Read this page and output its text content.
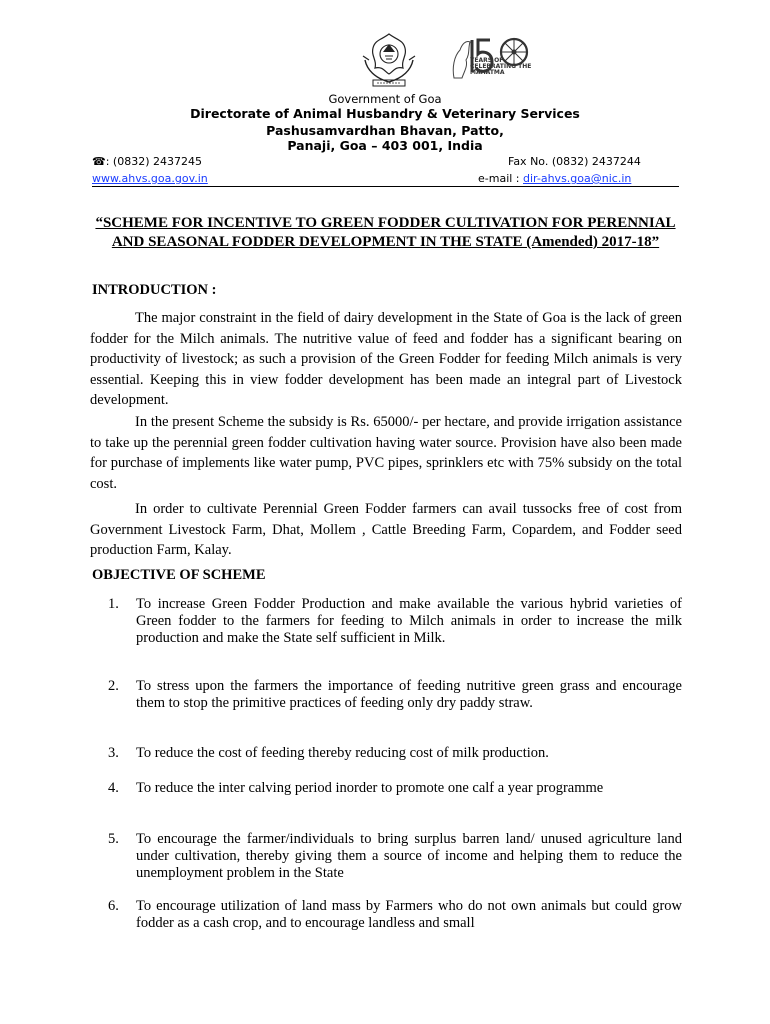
YEARS OF CELEBRATING THE MAHATMA
Government of Goa
Directorate of Animal Husbandry & Veterinary Services
Pashusamvardhan Bhavan, Patto,
Panaji, Goa – 403 001, India
☎: (0832) 2437245	Fax No. (0832) 2437244
www.ahvs.goa.gov.in	e-mail : dir-ahvs.goa@nic.in
“SCHEME FOR INCENTIVE TO GREEN FODDER CULTIVATION FOR PERENNIAL AND SEASONAL FODDER DEVELOPMENT IN THE STATE (Amended) 2017-18”
INTRODUCTION :

The major constraint in the field of dairy development in the State of Goa is the lack of green fodder for the Milch animals. The nutritive value of feed and fodder has a significant bearing on productivity of livestock; as such a provision of the Green Fodder for feeding Milch animals is very essential. Keeping this in view fodder development has been made an integral part of Livestock development.

In the present Scheme the subsidy is Rs. 65000/- per hectare, and provide irrigation assistance to take up the perennial green fodder cultivation having water source. Provision have also been made for purchase of implements like water pump, PVC pipes, sprinklers etc with 75% subsidy on the total cost.

In order to cultivate Perennial Green Fodder farmers can avail tussocks free of cost from Government Livestock Farm, Dhat, Mollem , Cattle Breeding Farm, Copardem, and Fodder seed production Farm, Kalay.

OBJECTIVE OF SCHEME
1.	To increase Green Fodder Production and make available the various hybrid varieties of Green fodder to the farmers for feeding to Milch animals in order to increase the milk production and make the State self sufficient in Milk.
2.	To stress upon the farmers the importance of feeding nutritive green grass and encourage them to stop the primitive practices of feeding only dry paddy straw.
3.	To reduce the cost of feeding thereby reducing cost of milk production.
4.	To reduce the inter calving period inorder to promote one calf a year programme
5.	To encourage the farmer/individuals to bring surplus barren land/ unused agriculture land under cultivation, thereby giving them a source of income and helping them to reduce the unemployment problem in the State
6.	To encourage utilization of land mass by Farmers who do not own animals but could grow fodder as a cash crop, and to encourage landless and small
